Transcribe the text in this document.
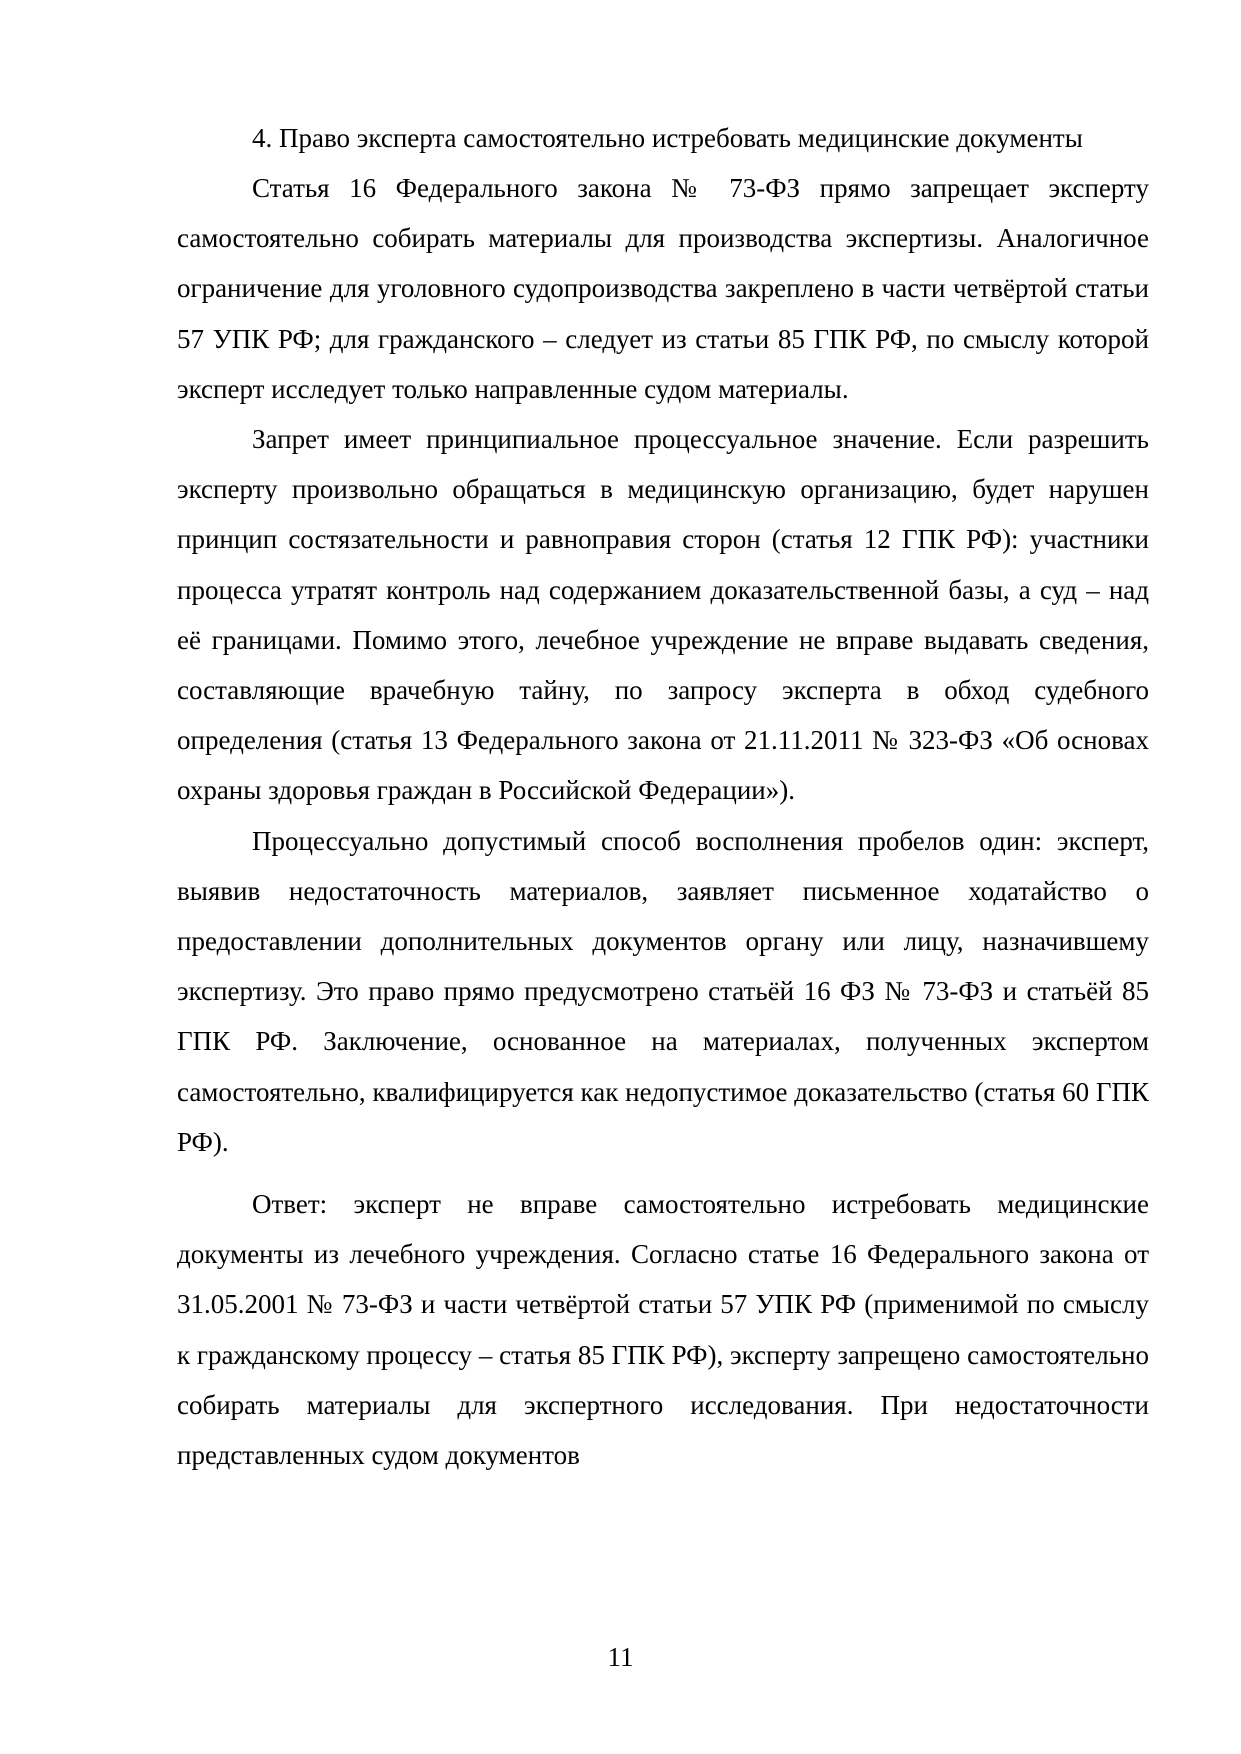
4. Право эксперта самостоятельно истребовать медицинские документы

Статья 16 Федерального закона № 73-ФЗ прямо запрещает эксперту самостоятельно собирать материалы для производства экспертизы. Аналогичное ограничение для уголовного судопроизводства закреплено в части четвёртой статьи 57 УПК РФ; для гражданского – следует из статьи 85 ГПК РФ, по смыслу которой эксперт исследует только направленные судом материалы.

Запрет имеет принципиальное процессуальное значение. Если разрешить эксперту произвольно обращаться в медицинскую организацию, будет нарушен принцип состязательности и равноправия сторон (статья 12 ГПК РФ): участники процесса утратят контроль над содержанием доказательственной базы, а суд – над её границами. Помимо этого, лечебное учреждение не вправе выдавать сведения, составляющие врачебную тайну, по запросу эксперта в обход судебного определения (статья 13 Федерального закона от 21.11.2011 № 323-ФЗ «Об основах охраны здоровья граждан в Российской Федерации»).

Процессуально допустимый способ восполнения пробелов один: эксперт, выявив недостаточность материалов, заявляет письменное ходатайство о предоставлении дополнительных документов органу или лицу, назначившему экспертизу. Это право прямо предусмотрено статьёй 16 ФЗ № 73-ФЗ и статьёй 85 ГПК РФ. Заключение, основанное на материалах, полученных экспертом самостоятельно, квалифицируется как недопустимое доказательство (статья 60 ГПК РФ).

Ответ: эксперт не вправе самостоятельно истребовать медицинские документы из лечебного учреждения. Согласно статье 16 Федерального закона от 31.05.2001 № 73-ФЗ и части четвёртой статьи 57 УПК РФ (применимой по смыслу к гражданскому процессу – статья 85 ГПК РФ), эксперту запрещено самостоятельно собирать материалы для экспертного исследования. При недостаточности представленных судом документов

11
